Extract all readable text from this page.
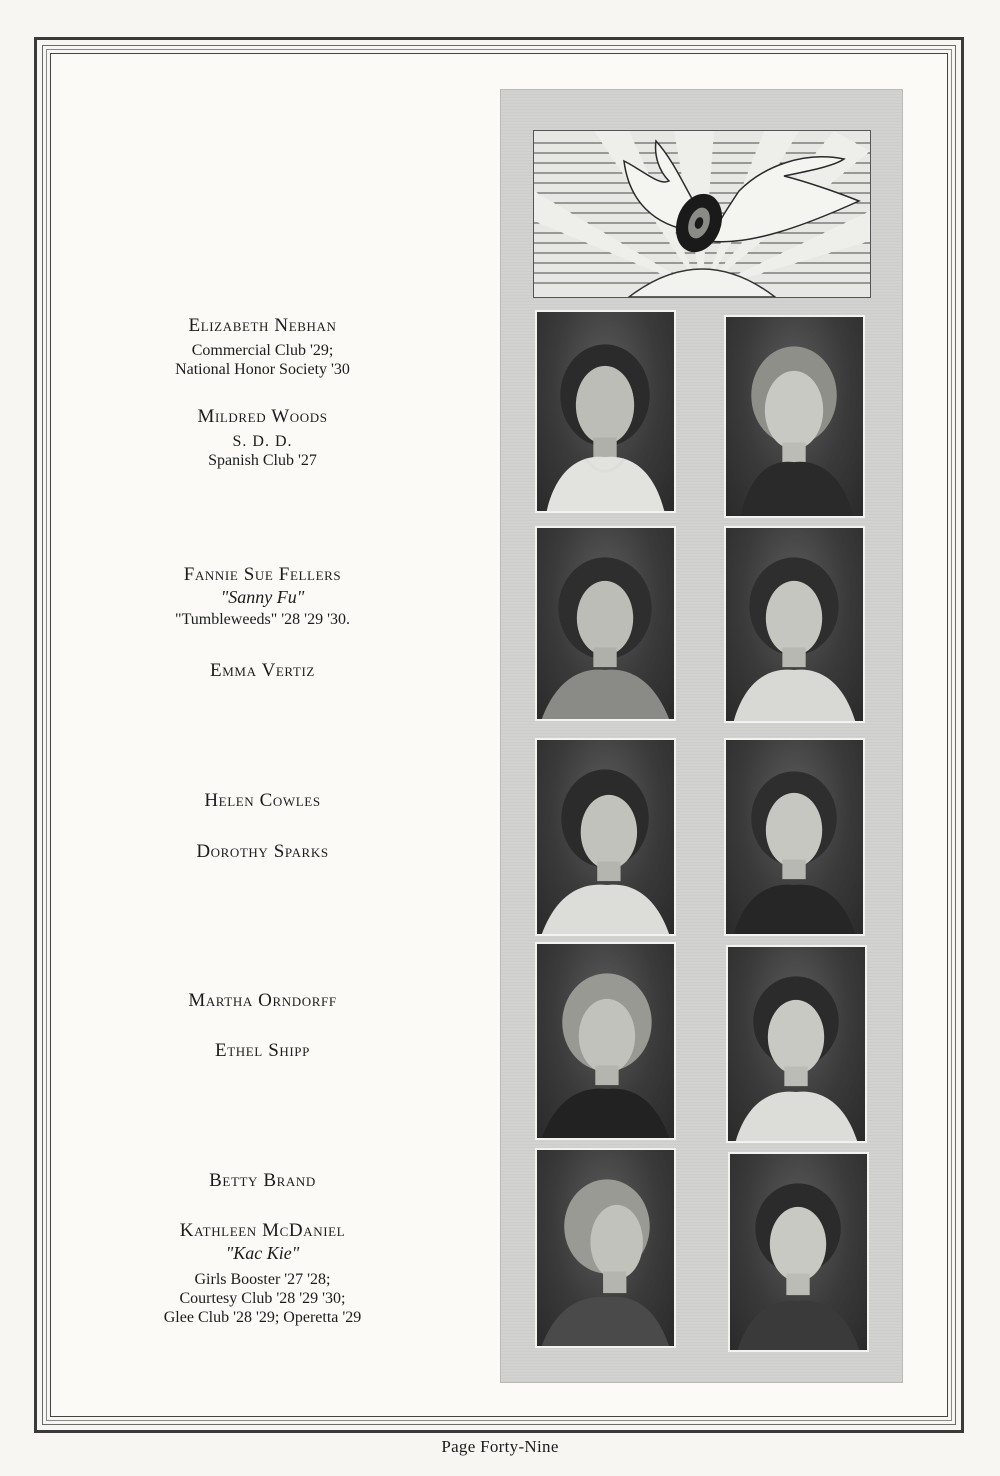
Elizabeth Nebhan
Commercial Club '29;
National Honor Society '30
Mildred Woods
S. D. D.
Spanish Club '27
Fannie Sue Fellers
"Sanny Fu"
"Tumbleweeds" '28 '29 '30.
Emma Vertiz
Helen Cowles
Dorothy Sparks
Martha Orndorff
Ethel Shipp
Betty Brand
Kathleen McDaniel
"Kac Kie"
Girls Booster '27 '28;
Courtesy Club '28 '29 '30;
Glee Club '28 '29; Operetta '29
Page Forty-Nine
